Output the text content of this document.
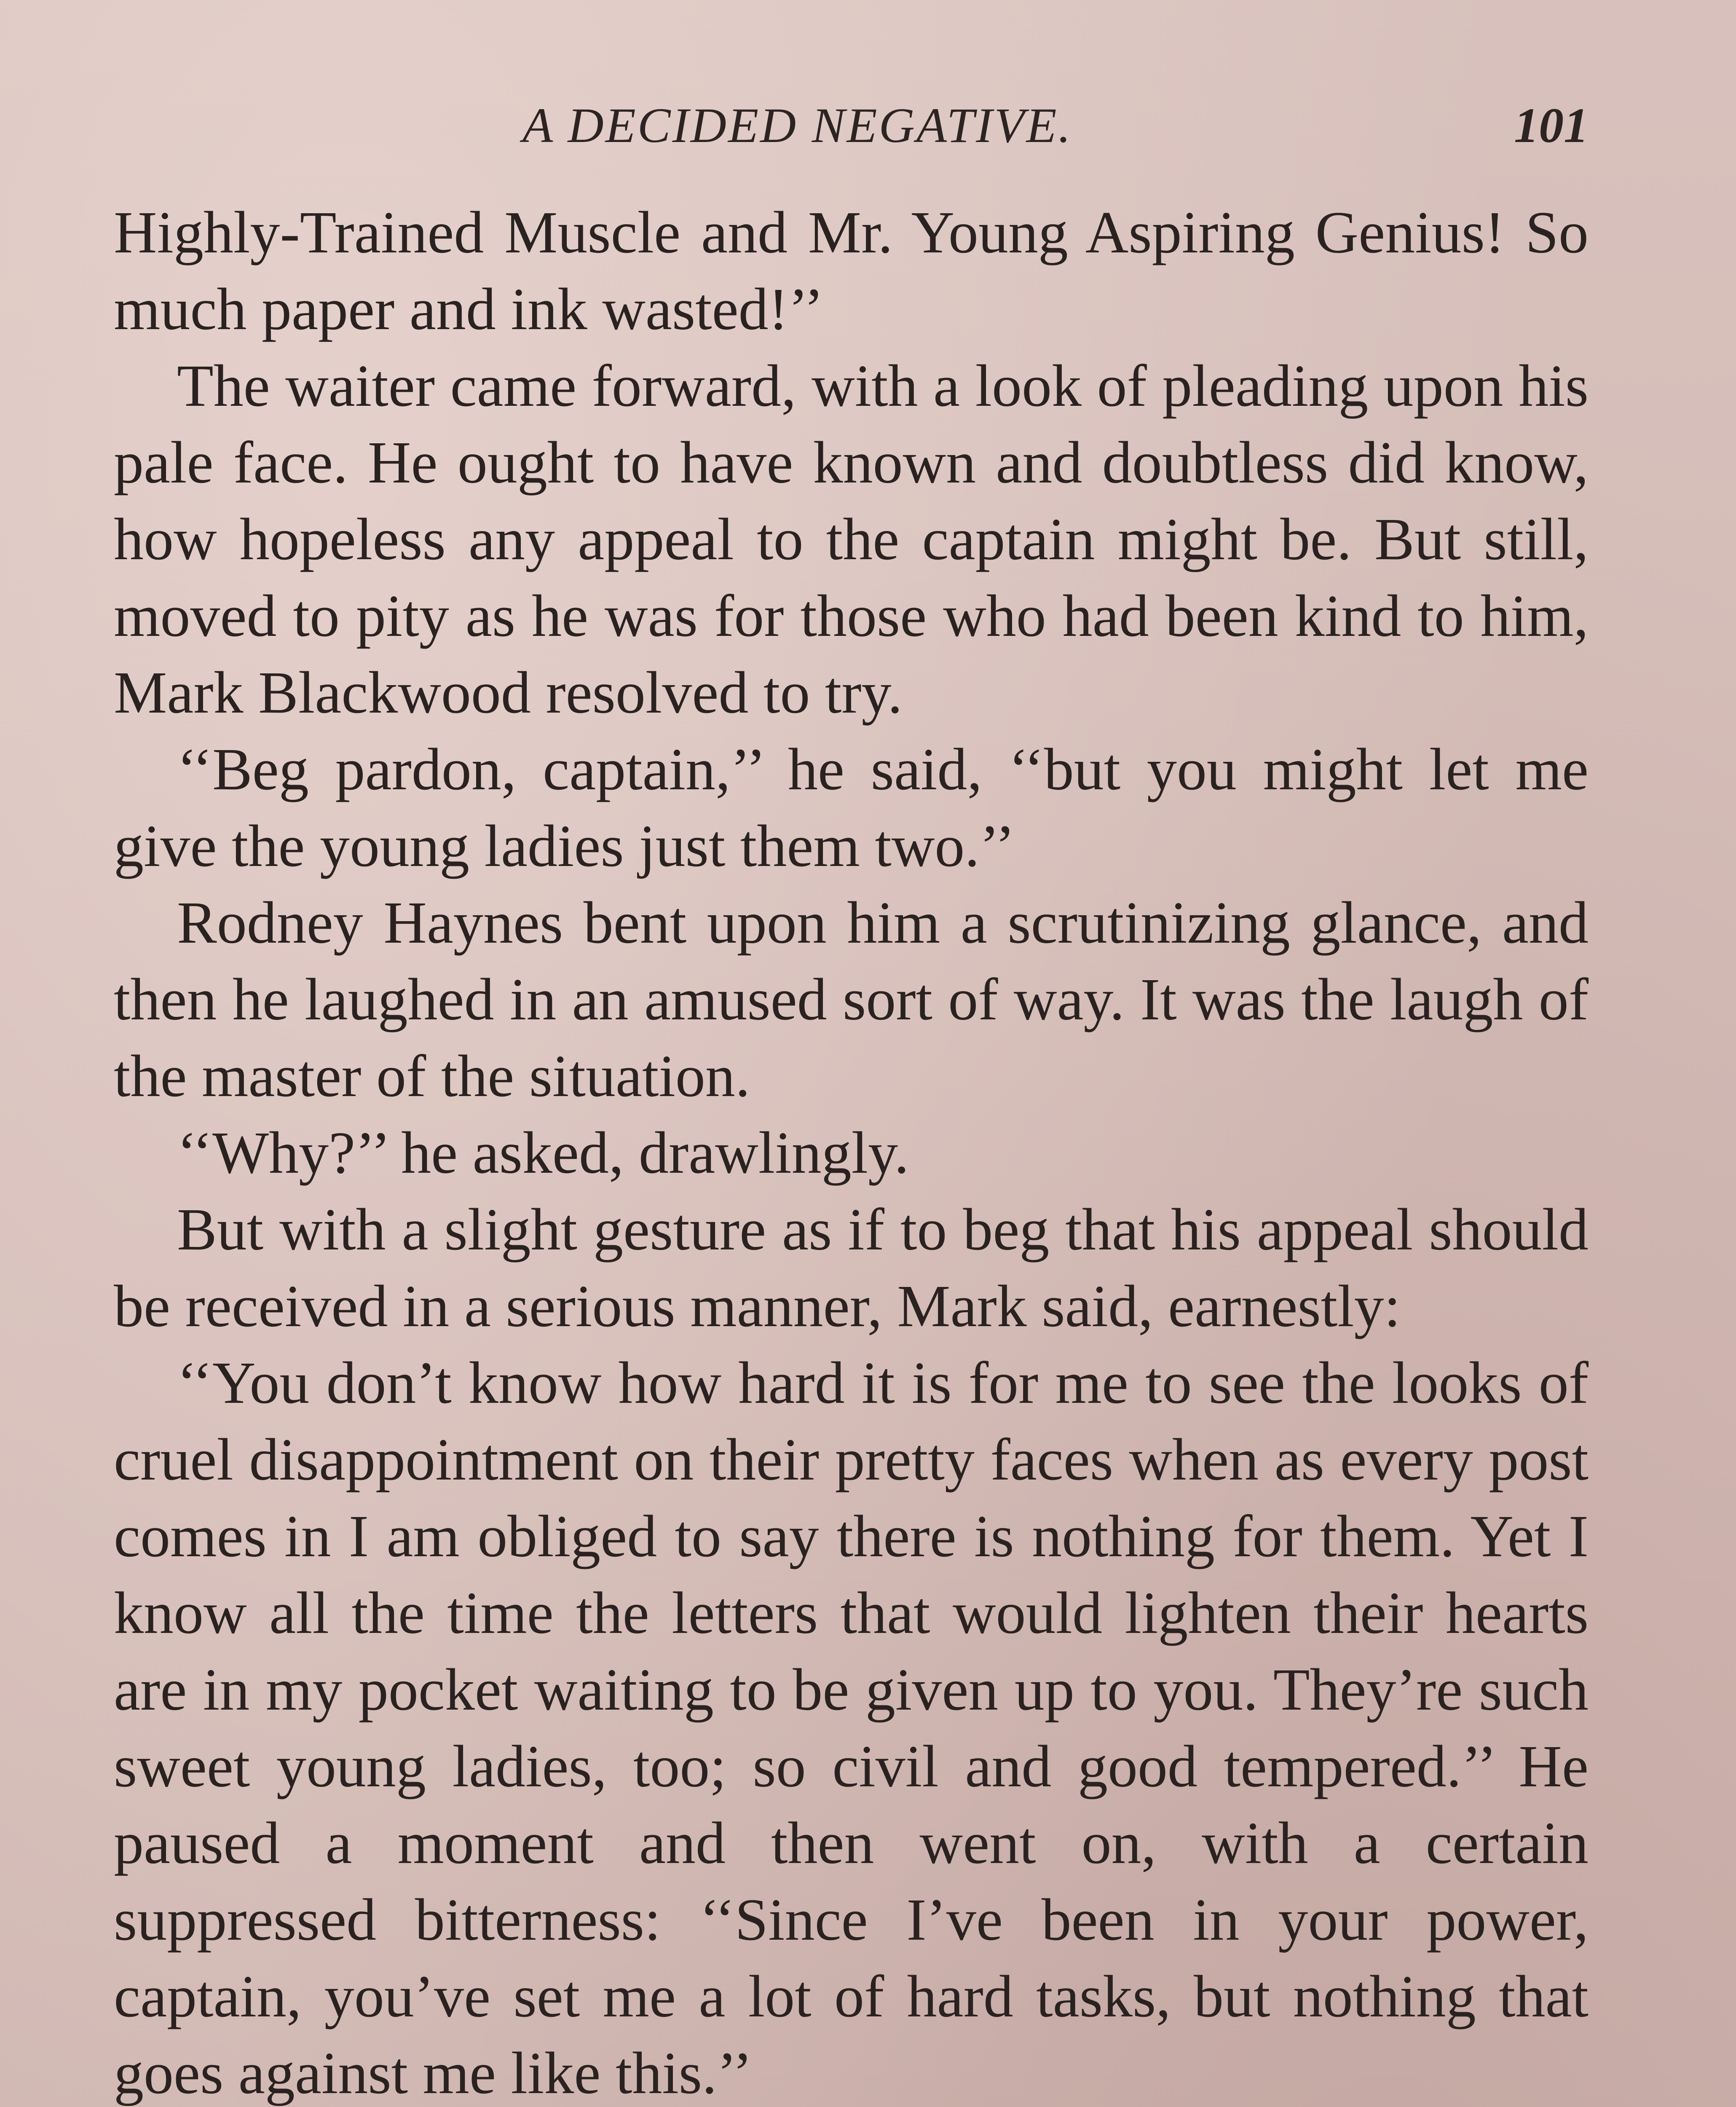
A DECIDED NEGATIVE.	101

Highly-Trained Muscle and Mr. Young Aspiring Genius! So much paper and ink wasted!’’

The waiter came forward, with a look of pleading upon his pale face. He ought to have known and doubtless did know, how hopeless any appeal to the captain might be. But still, moved to pity as he was for those who had been kind to him, Mark Blackwood resolved to try.

‘‘Beg pardon, captain,’’ he said, ‘‘but you might let me give the young ladies just them two.’’

Rodney Haynes bent upon him a scrutinizing glance, and then he laughed in an amused sort of way. It was the laugh of the master of the situation.

‘‘Why?’’ he asked, drawlingly.

But with a slight gesture as if to beg that his appeal should be received in a serious manner, Mark said, earnestly:

‘‘You don’t know how hard it is for me to see the looks of cruel disappointment on their pretty faces when as every post comes in I am obliged to say there is nothing for them. Yet I know all the time the letters that would lighten their hearts are in my pocket waiting to be given up to you. They’re such sweet young ladies, too; so civil and good tempered.’’ He paused a moment and then went on, with a certain suppressed bitterness: ‘‘Since I’ve been in your power, captain, you’ve set me a lot of hard tasks, but nothing that goes against me like this.’’
